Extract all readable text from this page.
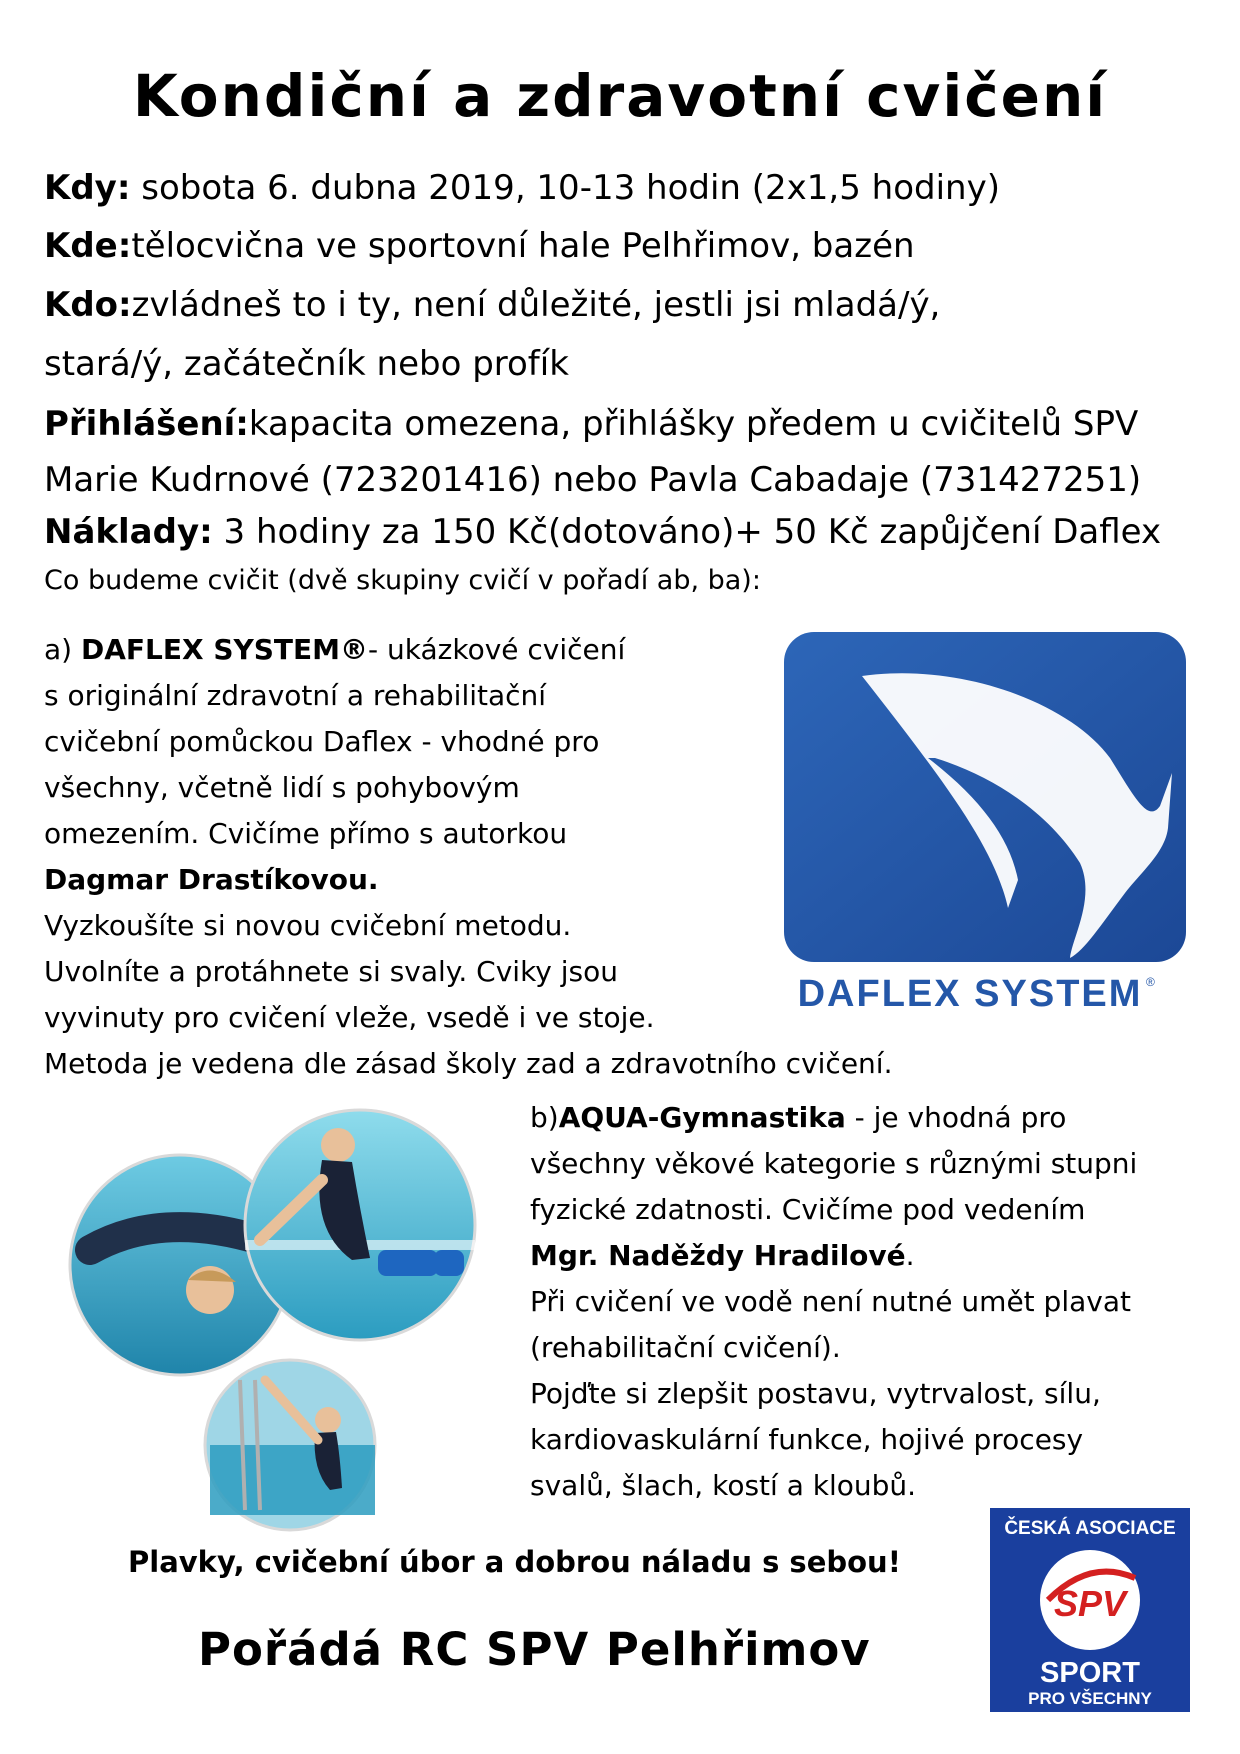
Kondiční a zdravotní cvičení
Kdy: sobota 6. dubna 2019, 10-13 hodin (2x1,5 hodiny)
Kde:tělocvična ve sportovní hale Pelhřimov, bazén
Kdo:zvládneš to i ty, není důležité, jestli jsi mladá/ý,
stará/ý, začátečník nebo profík
Přihlášení:kapacita omezena, přihlášky předem u cvičitelů SPV
Marie Kudrnové (723201416) nebo Pavla Cabadaje (731427251)
Náklady: 3 hodiny za 150 Kč(dotováno)+ 50 Kč zapůjčení Daflex
Co budeme cvičit (dvě skupiny cvičí v pořadí ab, ba):
a) DAFLEX SYSTEM®- ukázkové cvičení
s originální zdravotní a rehabilitační
cvičební pomůckou Daflex - vhodné pro
všechny, včetně lidí s pohybovým
omezením. Cvičíme přímo s autorkou
Dagmar Drastíkovou.
Vyzkoušíte si novou cvičební metodu.
Uvolníte a protáhnete si svaly. Cviky jsou
vyvinuty pro cvičení vleže, vsedě i ve stoje.
Metoda je vedena dle zásad školy zad a zdravotního cvičení.
DAFLEX SYSTEM ®
b)AQUA-Gymnastika - je vhodná pro
všechny věkové kategorie s různými stupni
fyzické zdatnosti. Cvičíme pod vedením
Mgr. Naděždy Hradilové.
Při cvičení ve vodě není nutné umět plavat
(rehabilitační cvičení).
Pojďte si zlepšit postavu, vytrvalost, sílu,
kardiovaskulární funkce, hojivé procesy
svalů, šlach, kostí a kloubů.
Plavky, cvičební úbor a dobrou náladu s sebou!
Pořádá RC SPV Pelhřimov
ČESKÁ ASOCIACE
SPV
SPORT
PRO VŠECHNY
